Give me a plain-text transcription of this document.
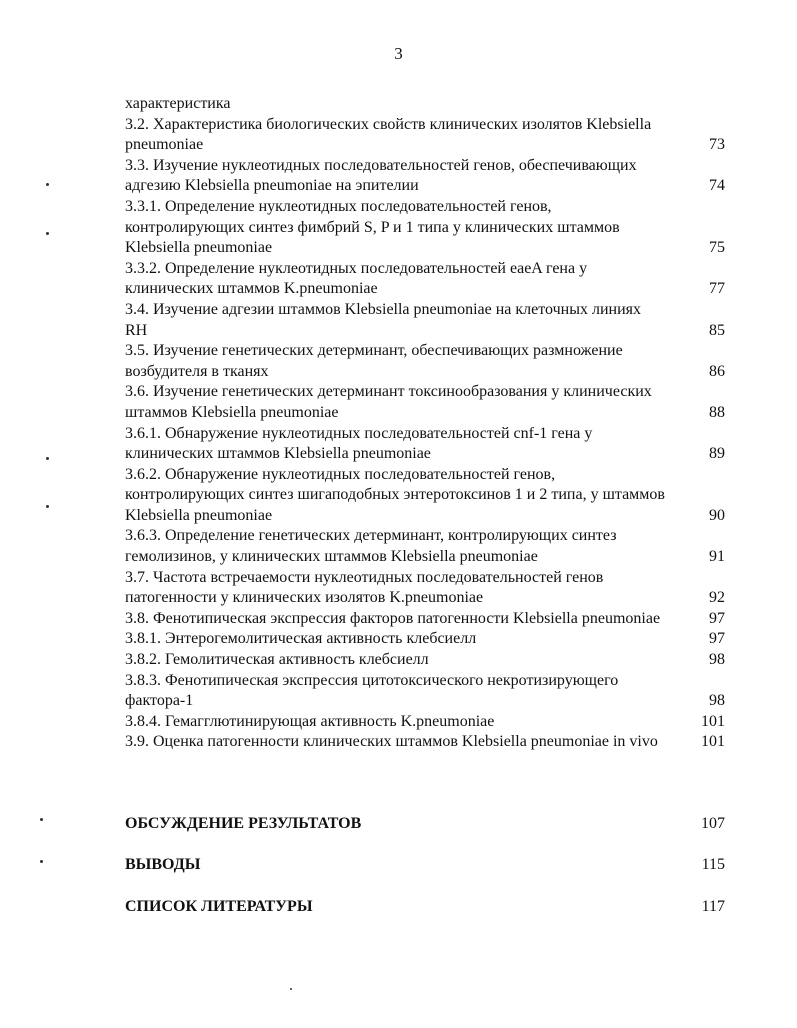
3
характеристика
3.2. Характеристика биологических свойств клинических изолятов Klebsiella pneumoniae	73
3.3. Изучение нуклеотидных последовательностей генов, обеспечивающих адгезию Klebsiella pneumoniae на эпителии	74
3.3.1. Определение нуклеотидных последовательностей генов, контролирующих синтез фимбрий S, P и 1 типа у клинических штаммов Klebsiella pneumoniae	75
3.3.2. Определение нуклеотидных последовательностей eaeA гена у клинических штаммов K.pneumoniae	77
3.4. Изучение адгезии штаммов Klebsiella pneumoniae на клеточных линиях RH	85
3.5. Изучение генетических детерминант, обеспечивающих размножение возбудителя в тканях	86
3.6. Изучение генетических детерминант токсинообразования у клинических штаммов Klebsiella pneumoniae	88
3.6.1. Обнаружение нуклеотидных последовательностей cnf-1 гена у клинических штаммов Klebsiella pneumoniae	89
3.6.2. Обнаружение нуклеотидных последовательностей генов, контролирующих синтез шигаподобных энтеротоксинов 1 и 2 типа, у штаммов Klebsiella pneumoniae	90
3.6.3. Определение генетических детерминант, контролирующих синтез гемолизинов, у клинических штаммов Klebsiella pneumoniae	91
3.7. Частота встречаемости нуклеотидных последовательностей генов патогенности у клинических изолятов K.pneumoniae	92
3.8. Фенотипическая экспрессия факторов патогенности Klebsiella pneumoniae	97
3.8.1. Энтерогемолитическая активность клебсиелл	97
3.8.2. Гемолитическая активность клебсиелл	98
3.8.3. Фенотипическая экспрессия цитотоксического некротизирующего фактора-1	98
3.8.4. Гемагглютинирующая активность K.pneumoniae	101
3.9. Оценка патогенности клинических штаммов Klebsiella pneumoniae in vivo	101
ОБСУЖДЕНИЕ РЕЗУЛЬТАТОВ	107
ВЫВОДЫ	115
СПИСОК ЛИТЕРАТУРЫ	117
